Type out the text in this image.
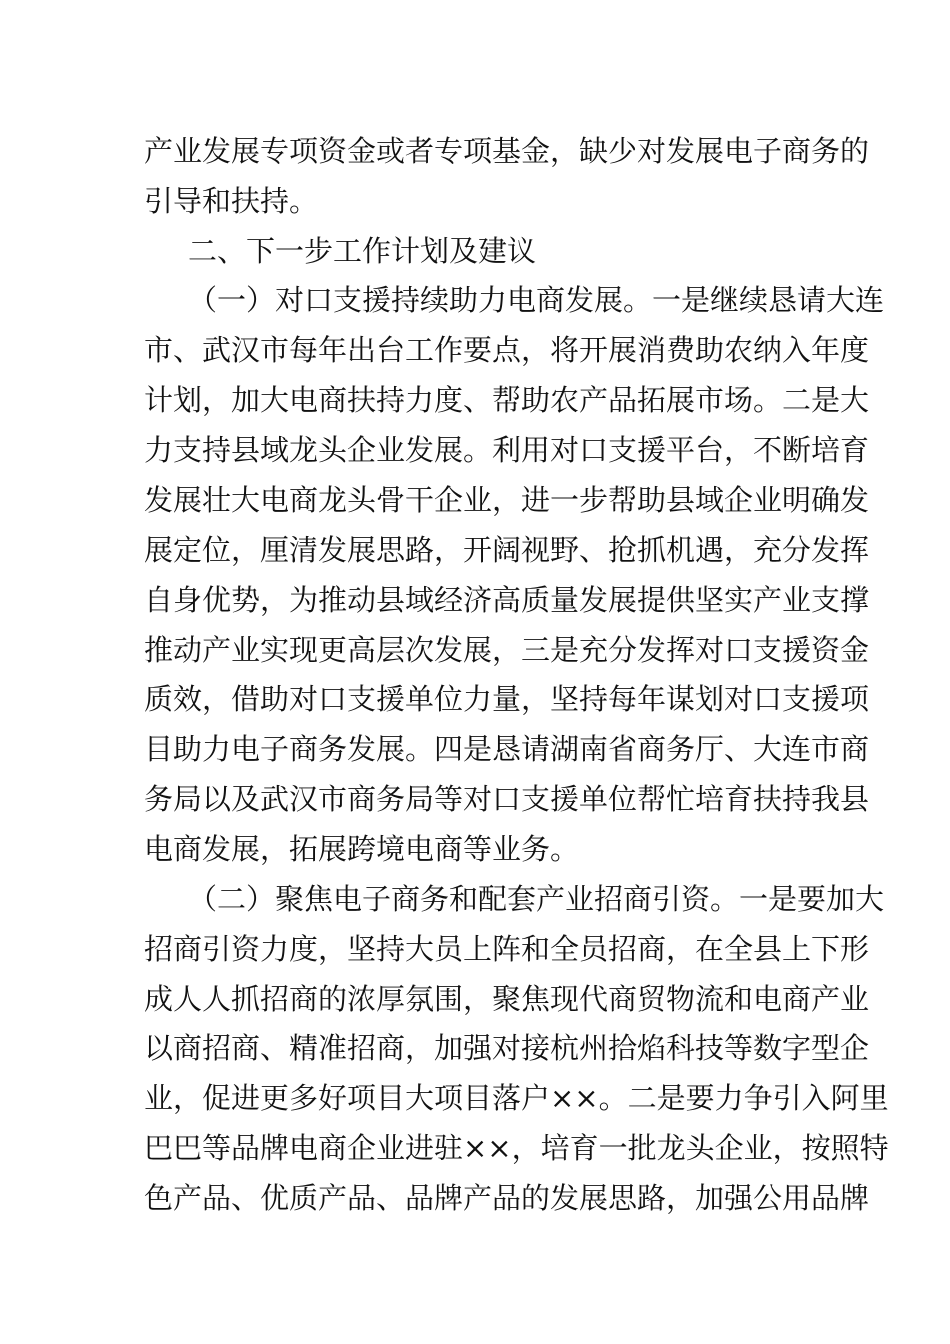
产业发展专项资金或者专项基金，缺少对发展电子商务的
引导和扶持。
二、下一步工作计划及建议
（一）对口支援持续助力电商发展。一是继续恳请大连
市、武汉市每年出台工作要点，将开展消费助农纳入年度
计划，加大电商扶持力度、帮助农产品拓展市场。二是大
力支持县域龙头企业发展。利用对口支援平台，不断培育
发展壮大电商龙头骨干企业，进一步帮助县域企业明确发
展定位，厘清发展思路，开阔视野、抢抓机遇，充分发挥
自身优势，为推动县域经济高质量发展提供坚实产业支撑
推动产业实现更高层次发展，三是充分发挥对口支援资金
质效，借助对口支援单位力量，坚持每年谋划对口支援项
目助力电子商务发展。四是恳请湖南省商务厅、大连市商
务局以及武汉市商务局等对口支援单位帮忙培育扶持我县
电商发展，拓展跨境电商等业务。
（二）聚焦电子商务和配套产业招商引资。一是要加大
招商引资力度，坚持大员上阵和全员招商，在全县上下形
成人人抓招商的浓厚氛围，聚焦现代商贸物流和电商产业
以商招商、精准招商，加强对接杭州拾焰科技等数字型企
业，促进更多好项目大项目落户××。二是要力争引入阿里
巴巴等品牌电商企业进驻××，培育一批龙头企业，按照特
色产品、优质产品、品牌产品的发展思路，加强公用品牌
